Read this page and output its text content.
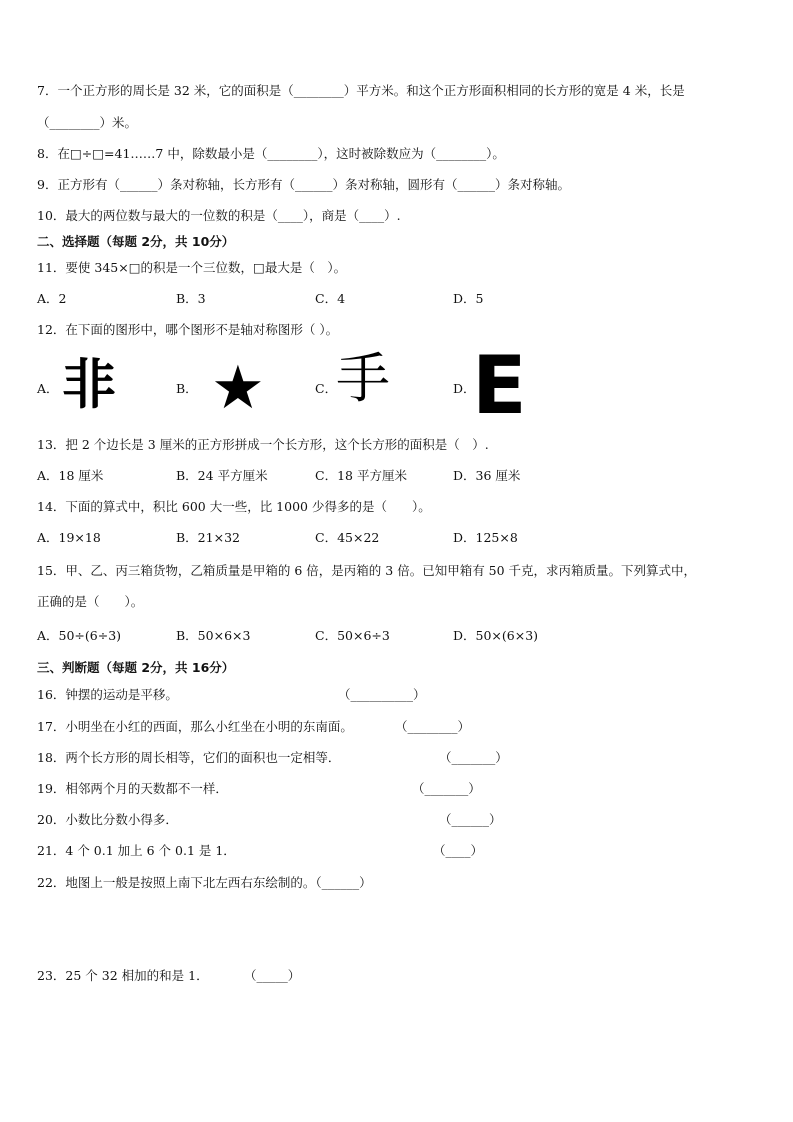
7．一个正方形的周长是 32 米，它的面积是（________）平方米。和这个正方形面积相同的长方形的宽是 4 米，长是
（________）米。
8．在□÷□=41……7 中，除数最小是（________），这时被除数应为（________）。
9．正方形有（______）条对称轴，长方形有（______）条对称轴，圆形有（______）条对称轴。
10．最大的两位数与最大的一位数的积是（____），商是（____）.
二、选择题（每题 2分，共 10分）
11．要使 345×□的积是一个三位数，□最大是（　）。
A．2	B．3	C．4	D．5
12．在下面的图形中，哪个图形不是轴对称图形（ ）。
A． 非	B． ★	C．
手	D．
E
13．把 2 个边长是 3 厘米的正方形拼成一个长方形，这个长方形的面积是（　）.
A．18 厘米	B．24 平方厘米	C．18 平方厘米	D．36 厘米
14．下面的算式中，积比 600 大一些，比 1000 少得多的是（　　）。
A．19×18	B．21×32	C．45×22	D．125×8
15．甲、乙、丙三箱货物，乙箱质量是甲箱的 6 倍，是丙箱的 3 倍。已知甲箱有 50 千克，求丙箱质量。下列算式中，
正确的是（　　）。
A．50÷(6÷3)	B．50×6×3	C．50×6÷3	D．50×(6×3)
三、判断题（每题 2分，共 16分）
16．钟摆的运动是平移。	（__________）
17．小明坐在小红的西面，那么小红坐在小明的东南面。	（________）
18．两个长方形的周长相等，它们的面积也一定相等．	（_______）
19．相邻两个月的天数都不一样．	（_______）
20．小数比分数小得多．	（______）
21．4 个 0.1 加上 6 个 0.1 是 1．	（____）
22．地图上一般是按照上南下北左西右东绘制的。（______）
23．25 个 32 相加的和是 1．	（_____）
